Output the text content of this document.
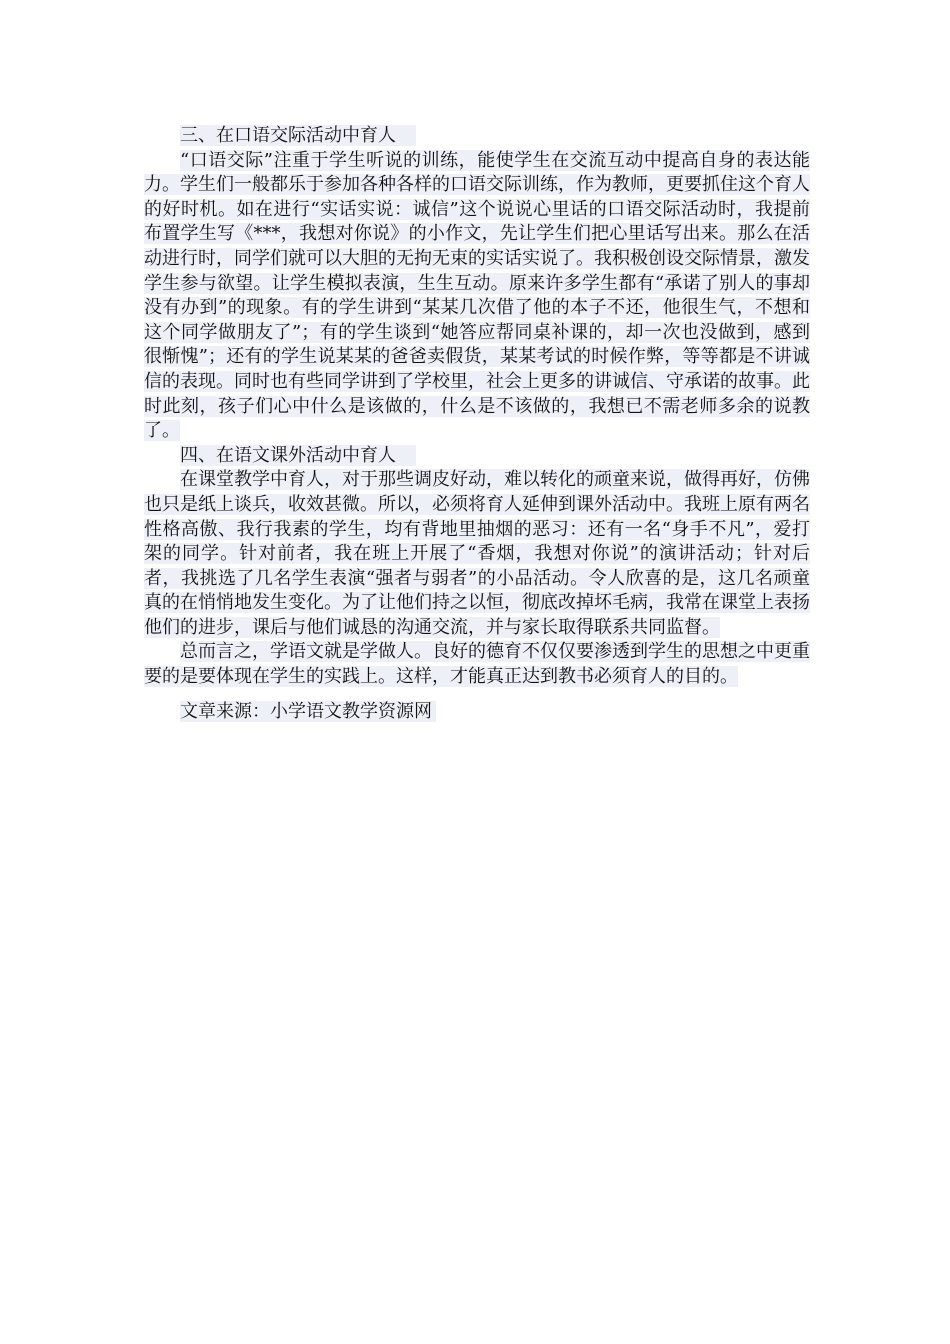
三、在口语交际活动中育人

“口语交际”注重于学生听说的训练，能使学生在交流互动中提高自身的表达能力。学生们一般都乐于参加各种各样的口语交际训练，作为教师，更要抓住这个育人的好时机。如在进行“实话实说：诚信”这个说说心里话的口语交际活动时，我提前布置学生写《***，我想对你说》的小作文，先让学生们把心里话写出来。那么在活动进行时，同学们就可以大胆的无拘无束的实话实说了。我积极创设交际情景，激发学生参与欲望。让学生模拟表演，生生互动。原来许多学生都有“承诺了别人的事却没有办到”的现象。有的学生讲到“某某几次借了他的本子不还，他很生气，不想和这个同学做朋友了”；有的学生谈到“她答应帮同桌补课的，却一次也没做到，感到很惭愧”；还有的学生说某某的爸爸卖假货，某某考试的时候作弊，等等都是不讲诚信的表现。同时也有些同学讲到了学校里，社会上更多的讲诚信、守承诺的故事。此时此刻，孩子们心中什么是该做的，什么是不该做的，我想已不需老师多余的说教了。

四、在语文课外活动中育人

在课堂教学中育人，对于那些调皮好动，难以转化的顽童来说，做得再好，仿佛也只是纸上谈兵，收效甚微。所以，必须将育人延伸到课外活动中。我班上原有两名性格高傲、我行我素的学生，均有背地里抽烟的恶习：还有一名“身手不凡”，爱打架的同学。针对前者，我在班上开展了“香烟，我想对你说”的演讲活动；针对后者，我挑选了几名学生表演“强者与弱者”的小品活动。令人欣喜的是，这几名顽童真的在悄悄地发生变化。为了让他们持之以恒，彻底改掉坏毛病，我常在课堂上表扬他们的进步，课后与他们诚恳的沟通交流，并与家长取得联系共同监督。

总而言之，学语文就是学做人。良好的德育不仅仅要渗透到学生的思想之中更重要的是要体现在学生的实践上。这样，才能真正达到教书必须育人的目的。

文章来源：小学语文教学资源网
